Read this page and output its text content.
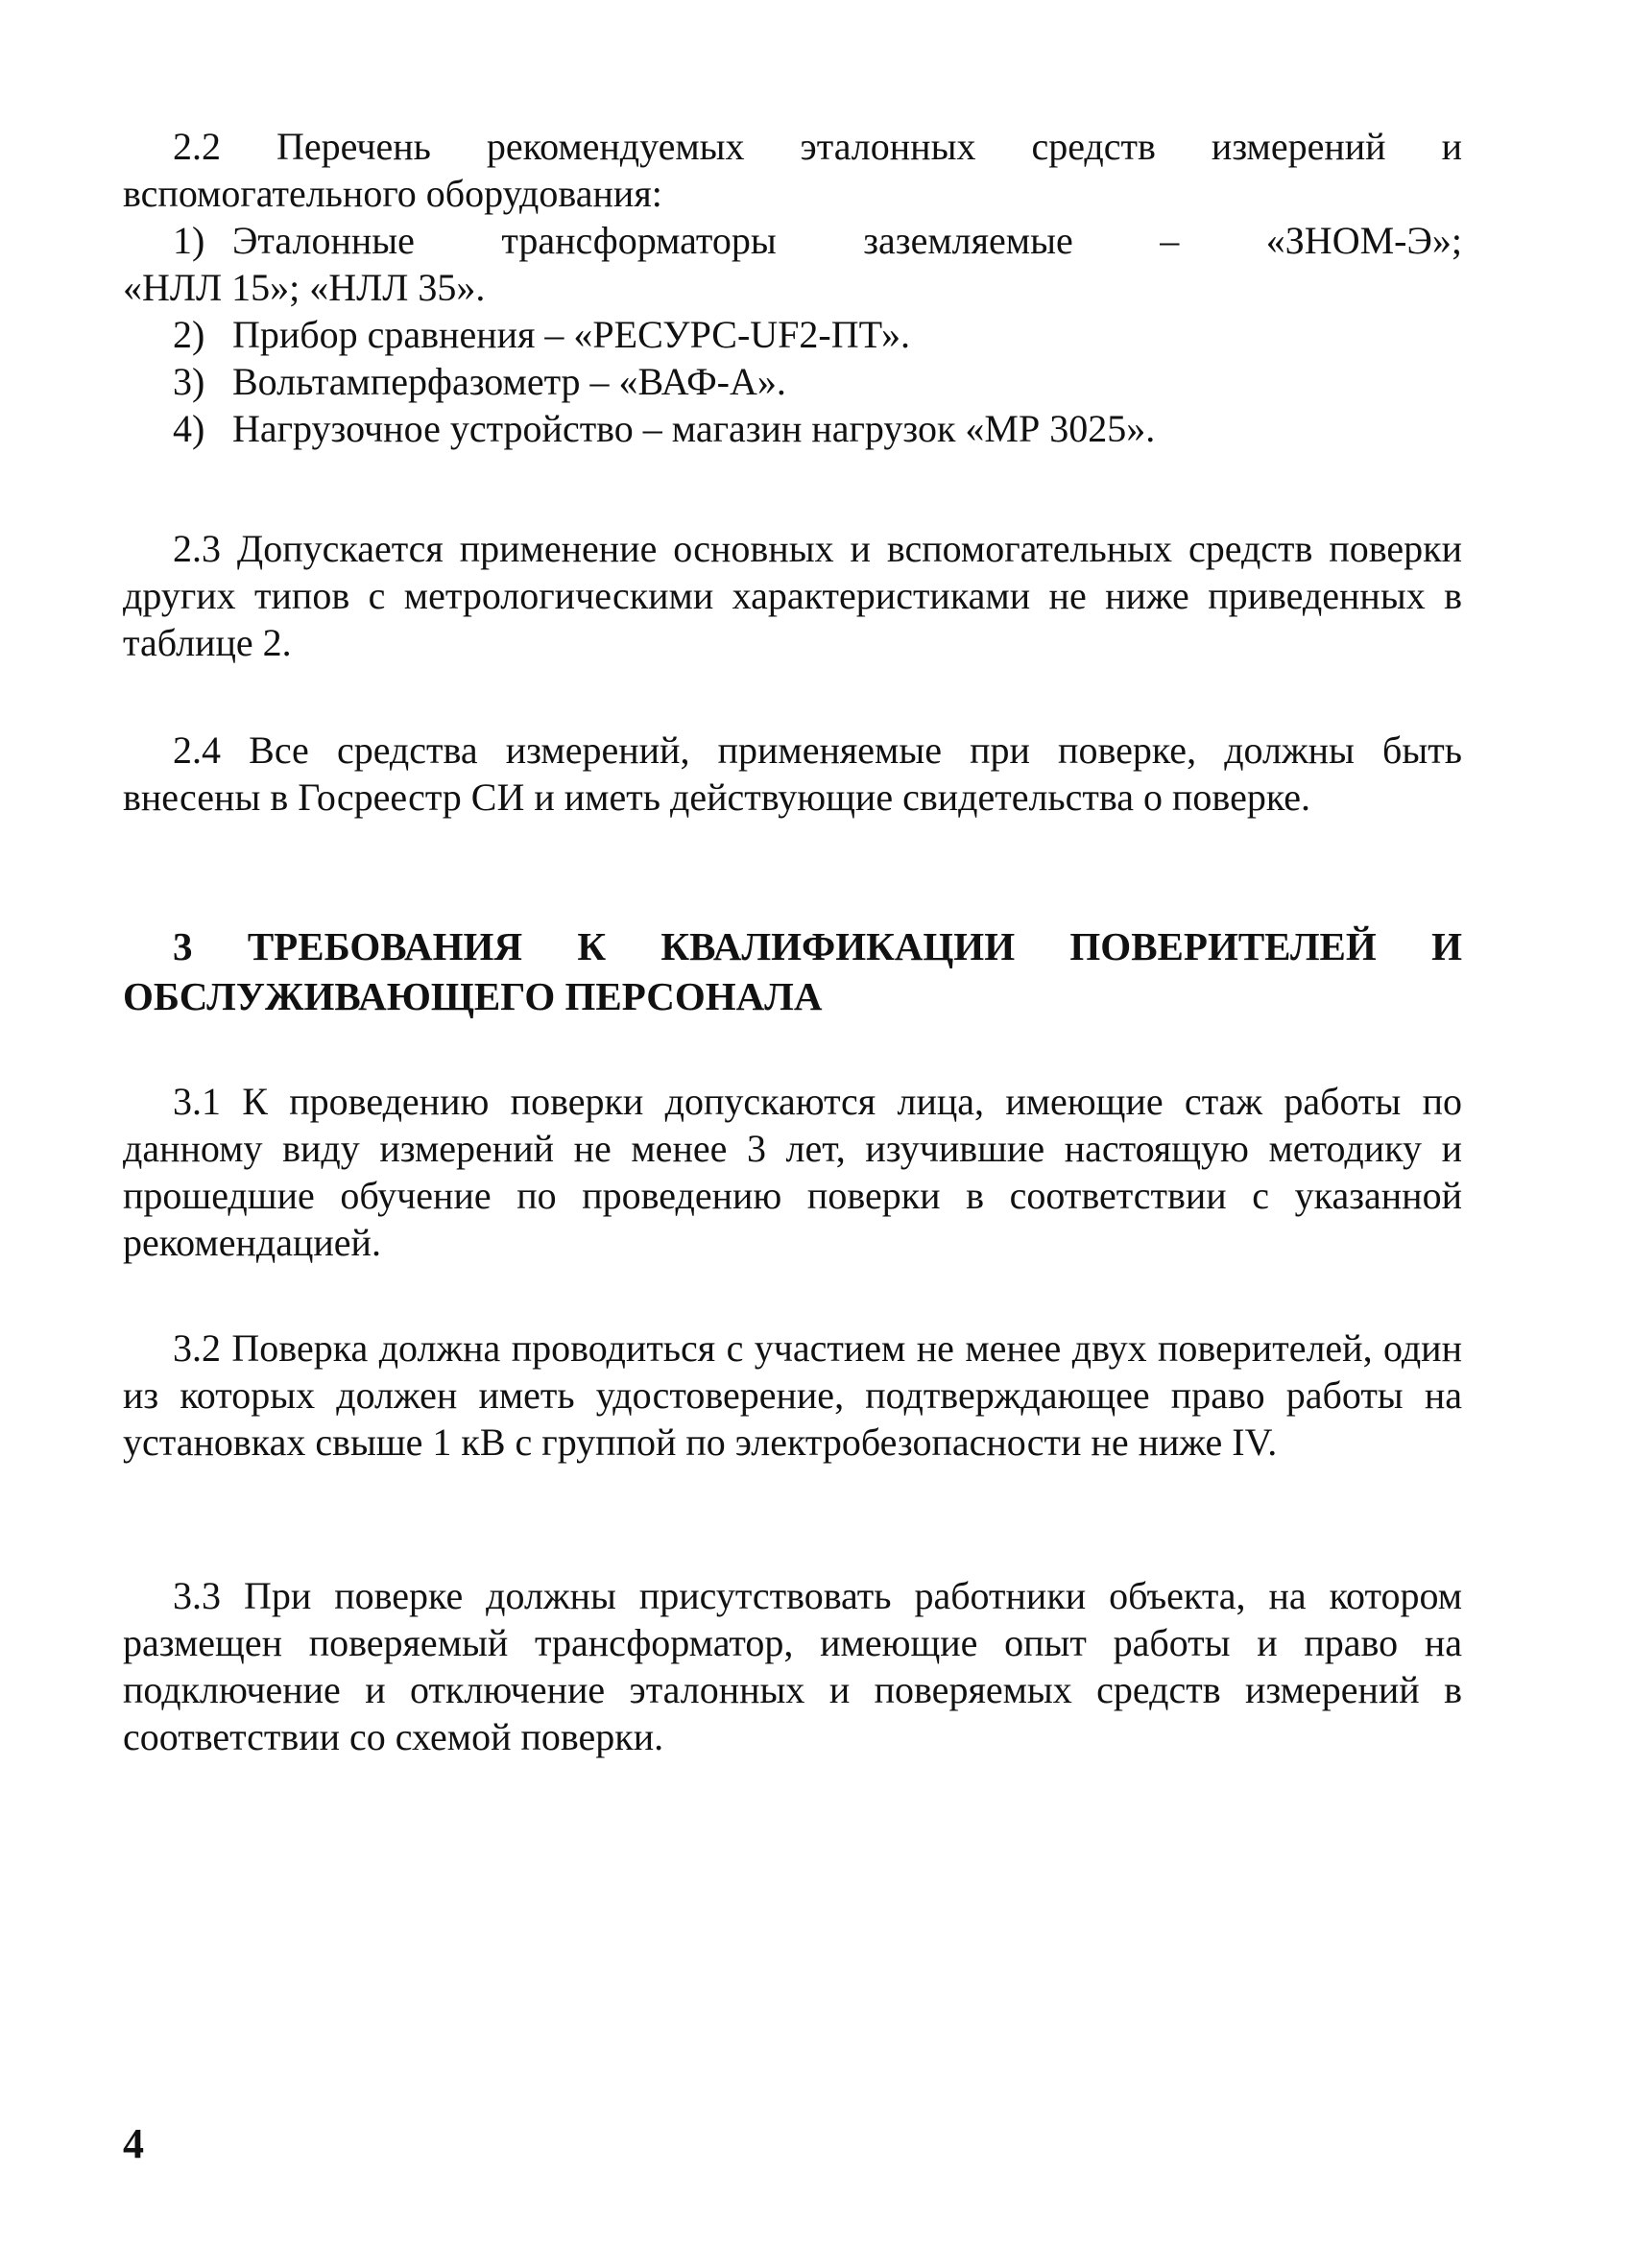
2.2 Перечень рекомендуемых эталонных средств измерений и вспомогательного оборудования:

1) Эталонные трансформаторы заземляемые – «ЗНОМ-Э»;

«НЛЛ 15»; «НЛЛ 35».

2) Прибор сравнения – «РЕСУРС-UF2-ПТ».

3) Вольтамперфазометр – «ВАФ-А».

4) Нагрузочное устройство – магазин нагрузок «МР 3025».

2.3 Допускается применение основных и вспомогательных средств поверки других типов с метрологическими характеристиками не ниже приведенных в таблице 2.

2.4 Все средства измерений, применяемые при поверке, должны быть внесены в Госреестр СИ и иметь действующие свидетельства о поверке.

3 ТРЕБОВАНИЯ К КВАЛИФИКАЦИИ ПОВЕРИТЕЛЕЙ И ОБСЛУЖИВАЮЩЕГО ПЕРСОНАЛА

3.1 К проведению поверки допускаются лица, имеющие стаж работы по данному виду измерений не менее 3 лет, изучившие настоящую методику и прошедшие обучение по проведению поверки в соответствии с указанной рекомендацией.

3.2 Поверка должна проводиться с участием не менее двух поверителей, один из которых должен иметь удостоверение, подтверждающее право работы на установках свыше 1 кВ с группой по электробезопасности не ниже IV.

3.3 При поверке должны присутствовать работники объекта, на котором размещен поверяемый трансформатор, имеющие опыт работы и право на подключение и отключение эталонных и поверяемых средств измерений в соответствии со схемой поверки.

4
